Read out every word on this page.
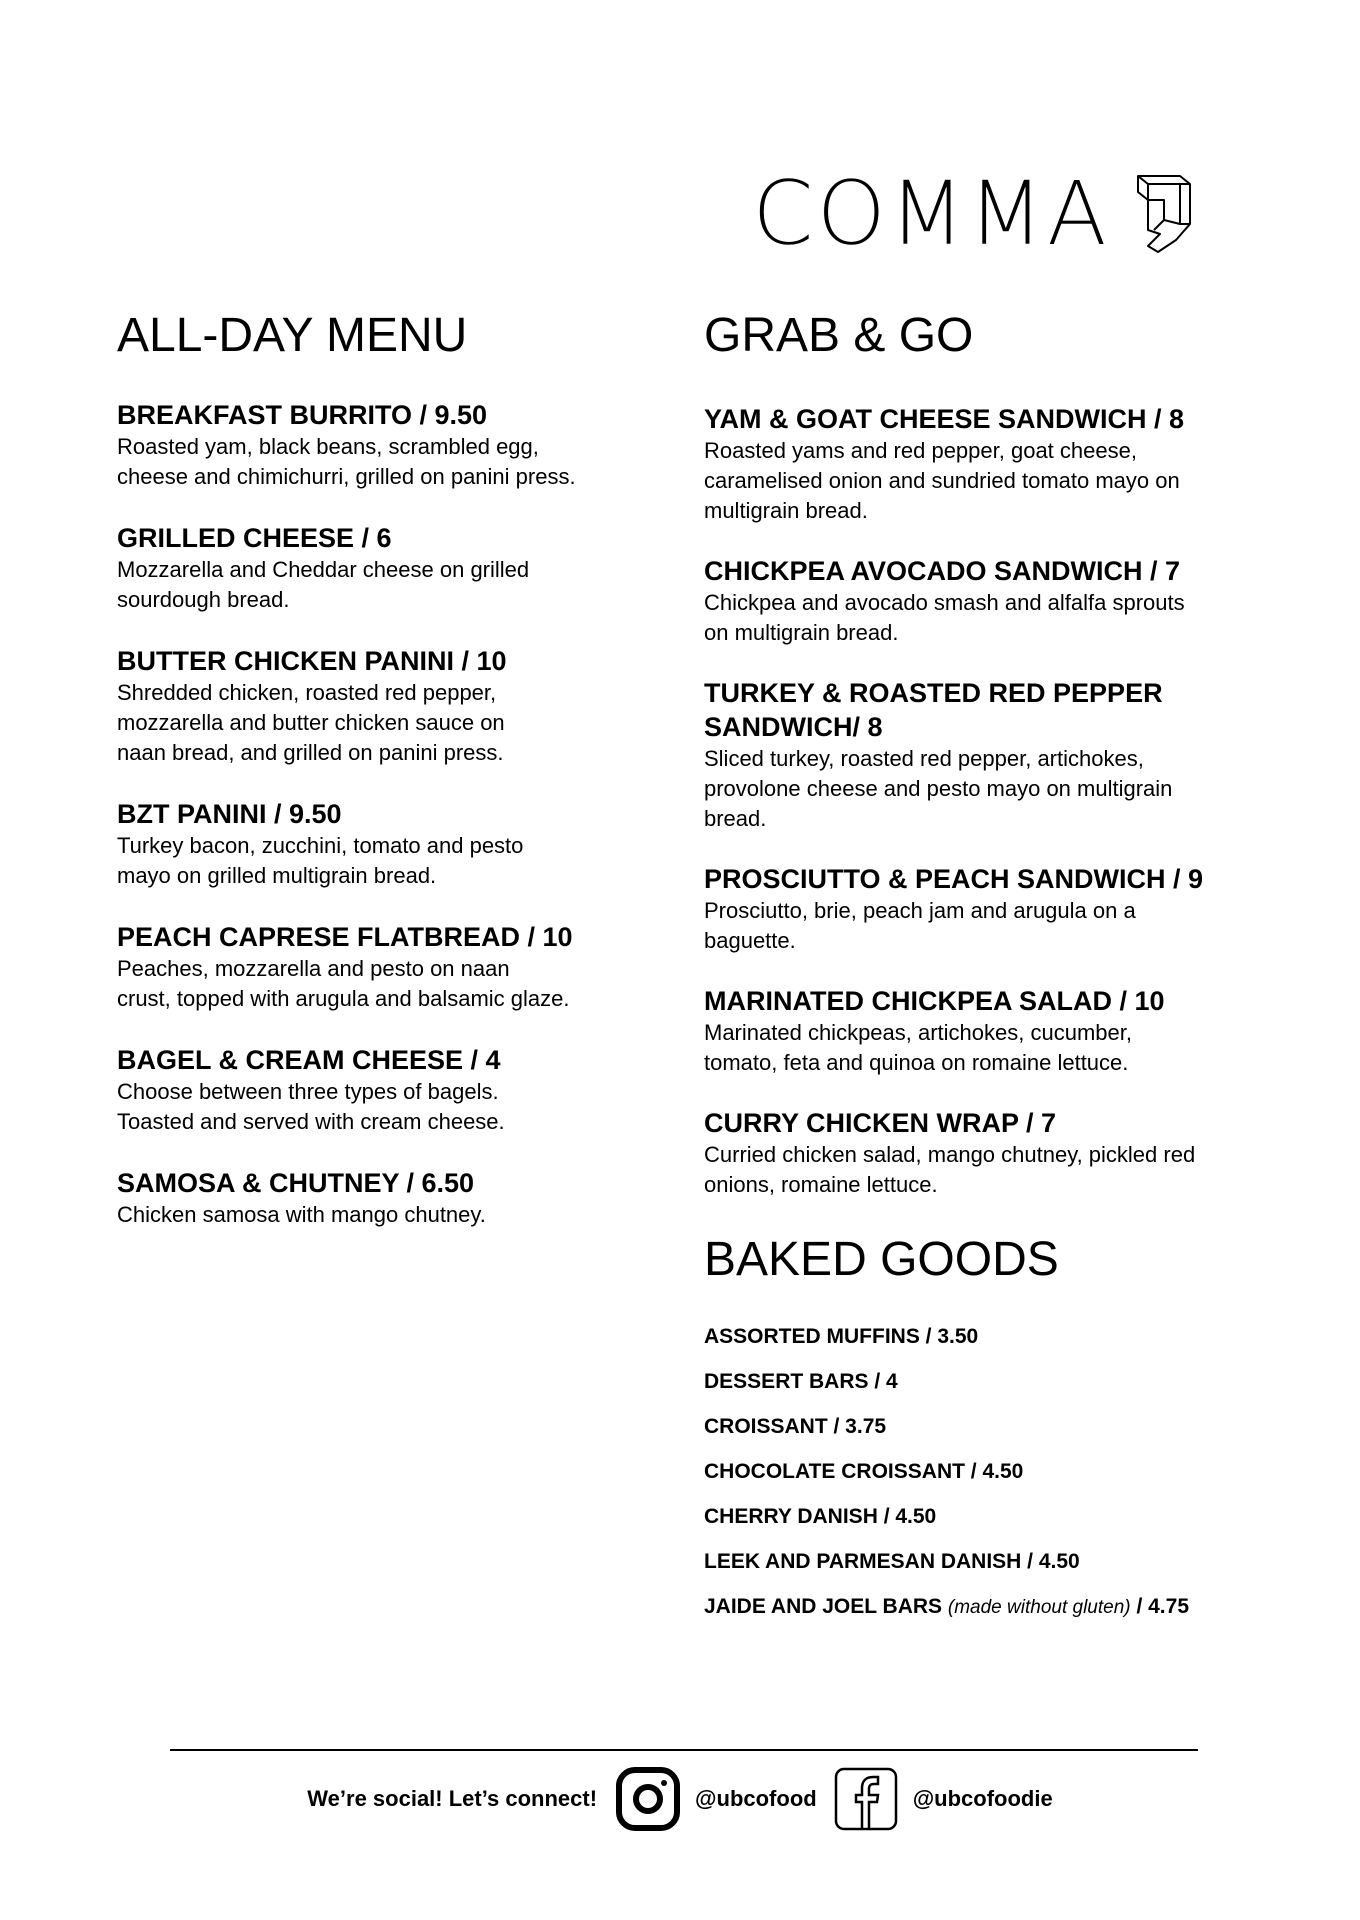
COMMA
ALL-DAY MENU
BREAKFAST BURRITO / 9.50
Roasted yam, black beans, scrambled egg,
cheese and chimichurri, grilled on panini press.
GRILLED CHEESE / 6
Mozzarella and Cheddar cheese on grilled
sourdough bread.
BUTTER CHICKEN PANINI / 10
Shredded chicken, roasted red pepper,
mozzarella and butter chicken sauce on
naan bread, and grilled on panini press.
BZT PANINI / 9.50
Turkey bacon, zucchini, tomato and pesto
mayo on grilled multigrain bread.
PEACH CAPRESE FLATBREAD / 10
Peaches, mozzarella and pesto on naan
crust, topped with arugula and balsamic glaze.
BAGEL & CREAM CHEESE / 4
Choose between three types of bagels.
Toasted and served with cream cheese.
SAMOSA & CHUTNEY / 6.50
Chicken samosa with mango chutney.
GRAB & GO
YAM & GOAT CHEESE SANDWICH / 8
Roasted yams and red pepper, goat cheese,
caramelised onion and sundried tomato mayo on
multigrain bread.
CHICKPEA AVOCADO SANDWICH / 7
Chickpea and avocado smash and alfalfa sprouts
on multigrain bread.
TURKEY & ROASTED RED PEPPER
SANDWICH/ 8
Sliced turkey, roasted red pepper, artichokes,
provolone cheese and pesto mayo on multigrain
bread.
PROSCIUTTO & PEACH SANDWICH / 9
Prosciutto, brie, peach jam and arugula on a
baguette.
MARINATED CHICKPEA SALAD / 10
Marinated chickpeas, artichokes, cucumber,
tomato, feta and quinoa on romaine lettuce.
CURRY CHICKEN WRAP / 7
Curried chicken salad, mango chutney, pickled red
onions, romaine lettuce.
BAKED GOODS
ASSORTED MUFFINS / 3.50
DESSERT BARS / 4
CROISSANT / 3.75
CHOCOLATE CROISSANT / 4.50
CHERRY DANISH / 4.50
LEEK AND PARMESAN DANISH / 4.50
JAIDE AND JOEL BARS (made without gluten) / 4.75
We’re social! Let’s connect!	@ubcofood	@ubcofoodie
